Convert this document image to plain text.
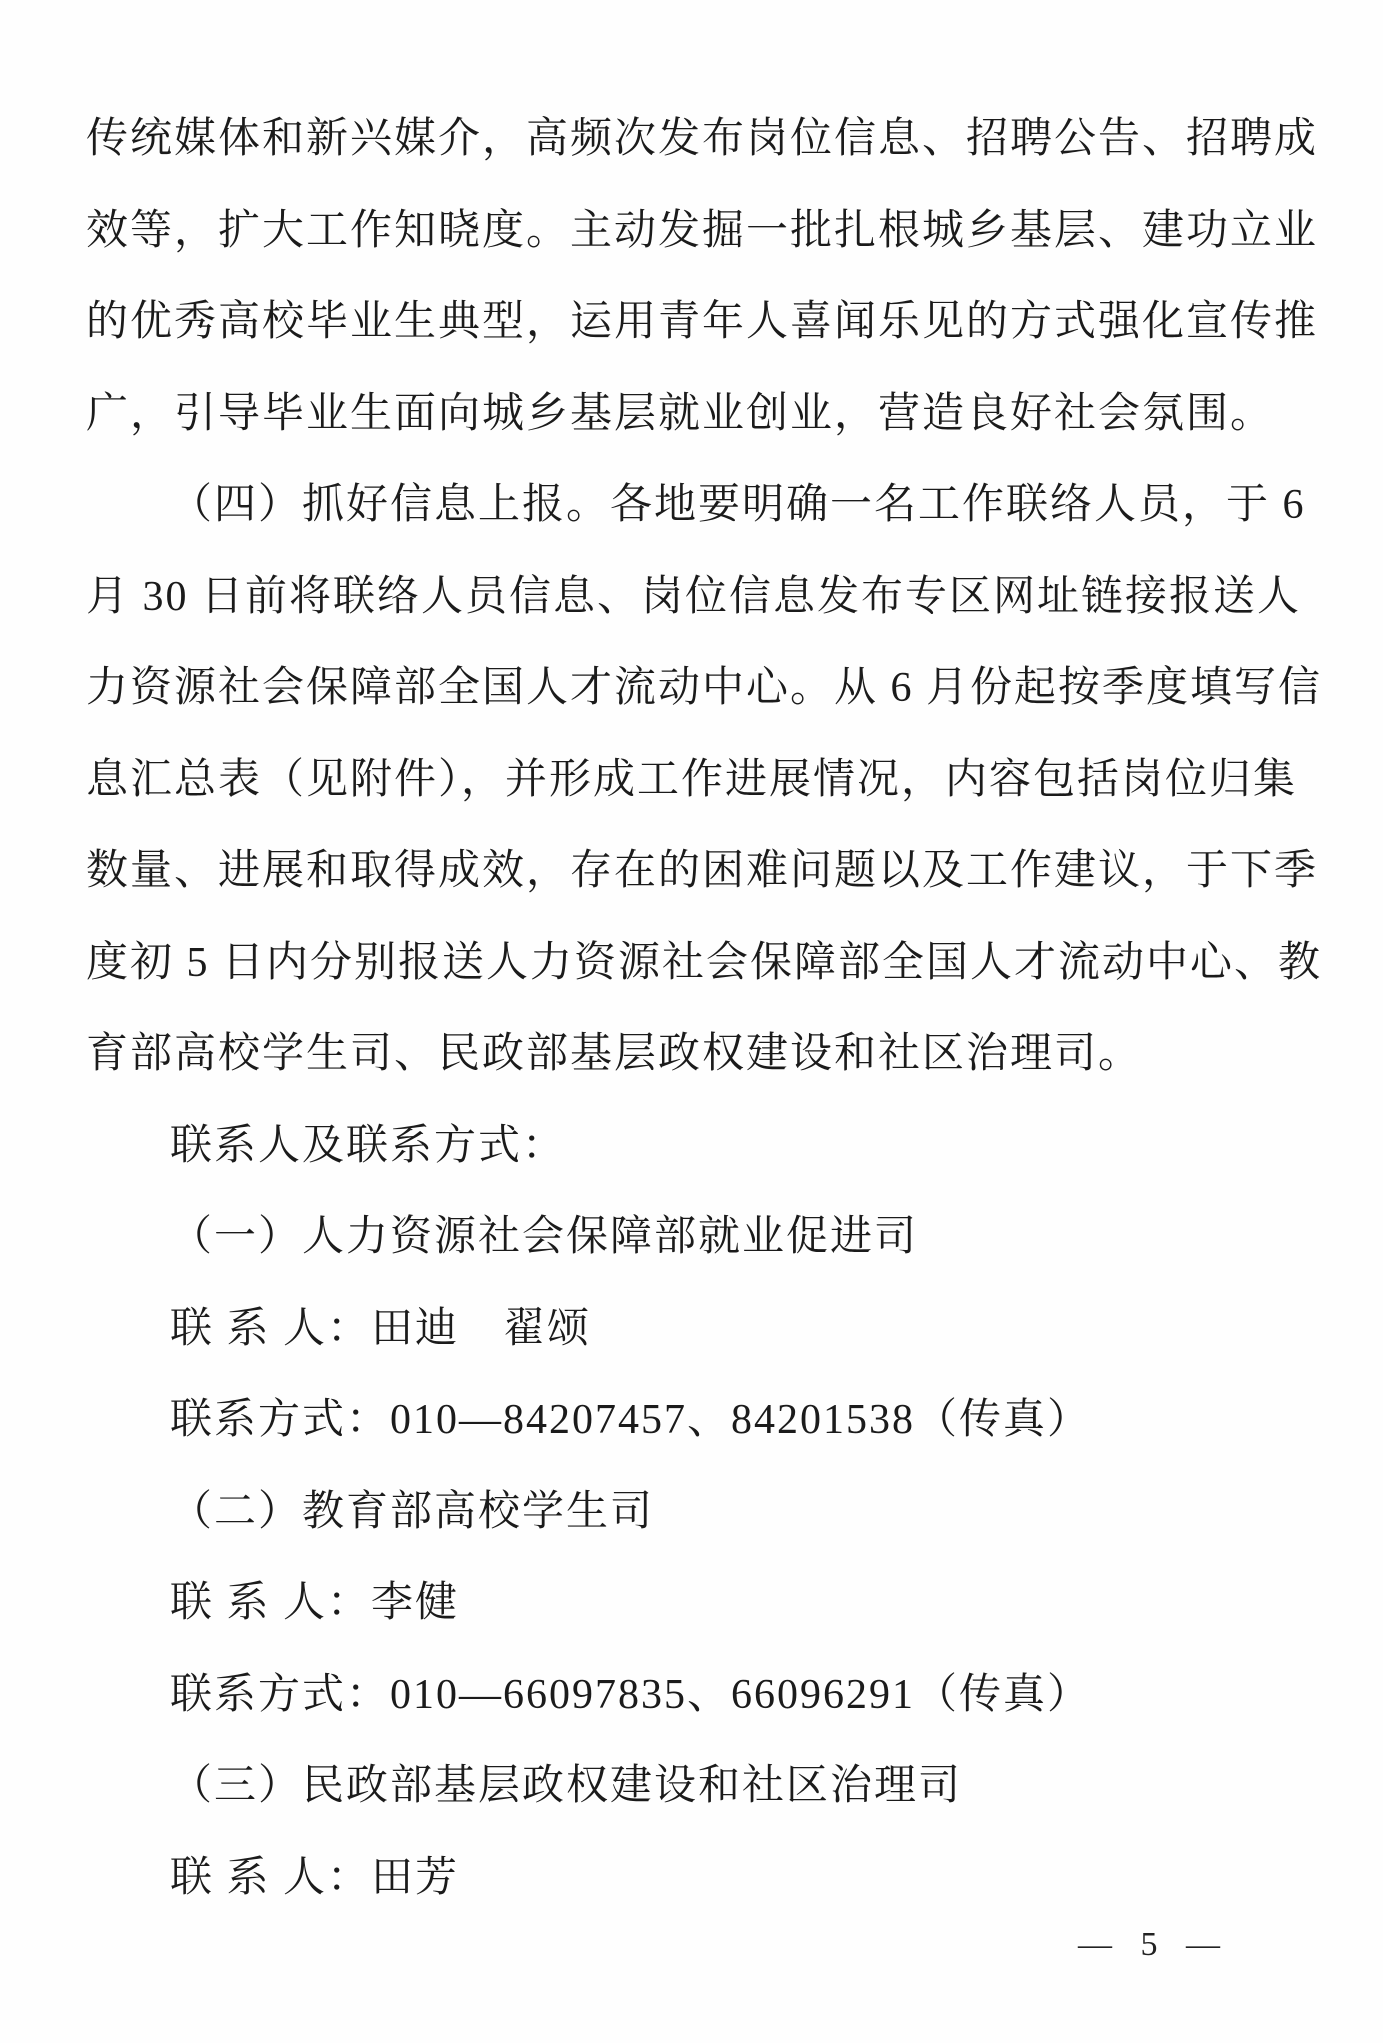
传统媒体和新兴媒介，高频次发布岗位信息、招聘公告、招聘成
效等，扩大工作知晓度。主动发掘一批扎根城乡基层、建功立业
的优秀高校毕业生典型，运用青年人喜闻乐见的方式强化宣传推
广，引导毕业生面向城乡基层就业创业，营造良好社会氛围。
（四）抓好信息上报。各地要明确一名工作联络人员，于 6
月 30 日前将联络人员信息、岗位信息发布专区网址链接报送人
力资源社会保障部全国人才流动中心。从 6 月份起按季度填写信
息汇总表（见附件），并形成工作进展情况，内容包括岗位归集
数量、进展和取得成效，存在的困难问题以及工作建议，于下季
度初 5 日内分别报送人力资源社会保障部全国人才流动中心、教
育部高校学生司、民政部基层政权建设和社区治理司。
联系人及联系方式：
（一）人力资源社会保障部就业促进司
联 系 人：田迪　翟颂
联系方式：010—84207457、84201538（传真）
（二）教育部高校学生司
联 系 人：李健
联系方式：010—66097835、66096291（传真）
（三）民政部基层政权建设和社区治理司
联 系 人：田芳
— 5 —
